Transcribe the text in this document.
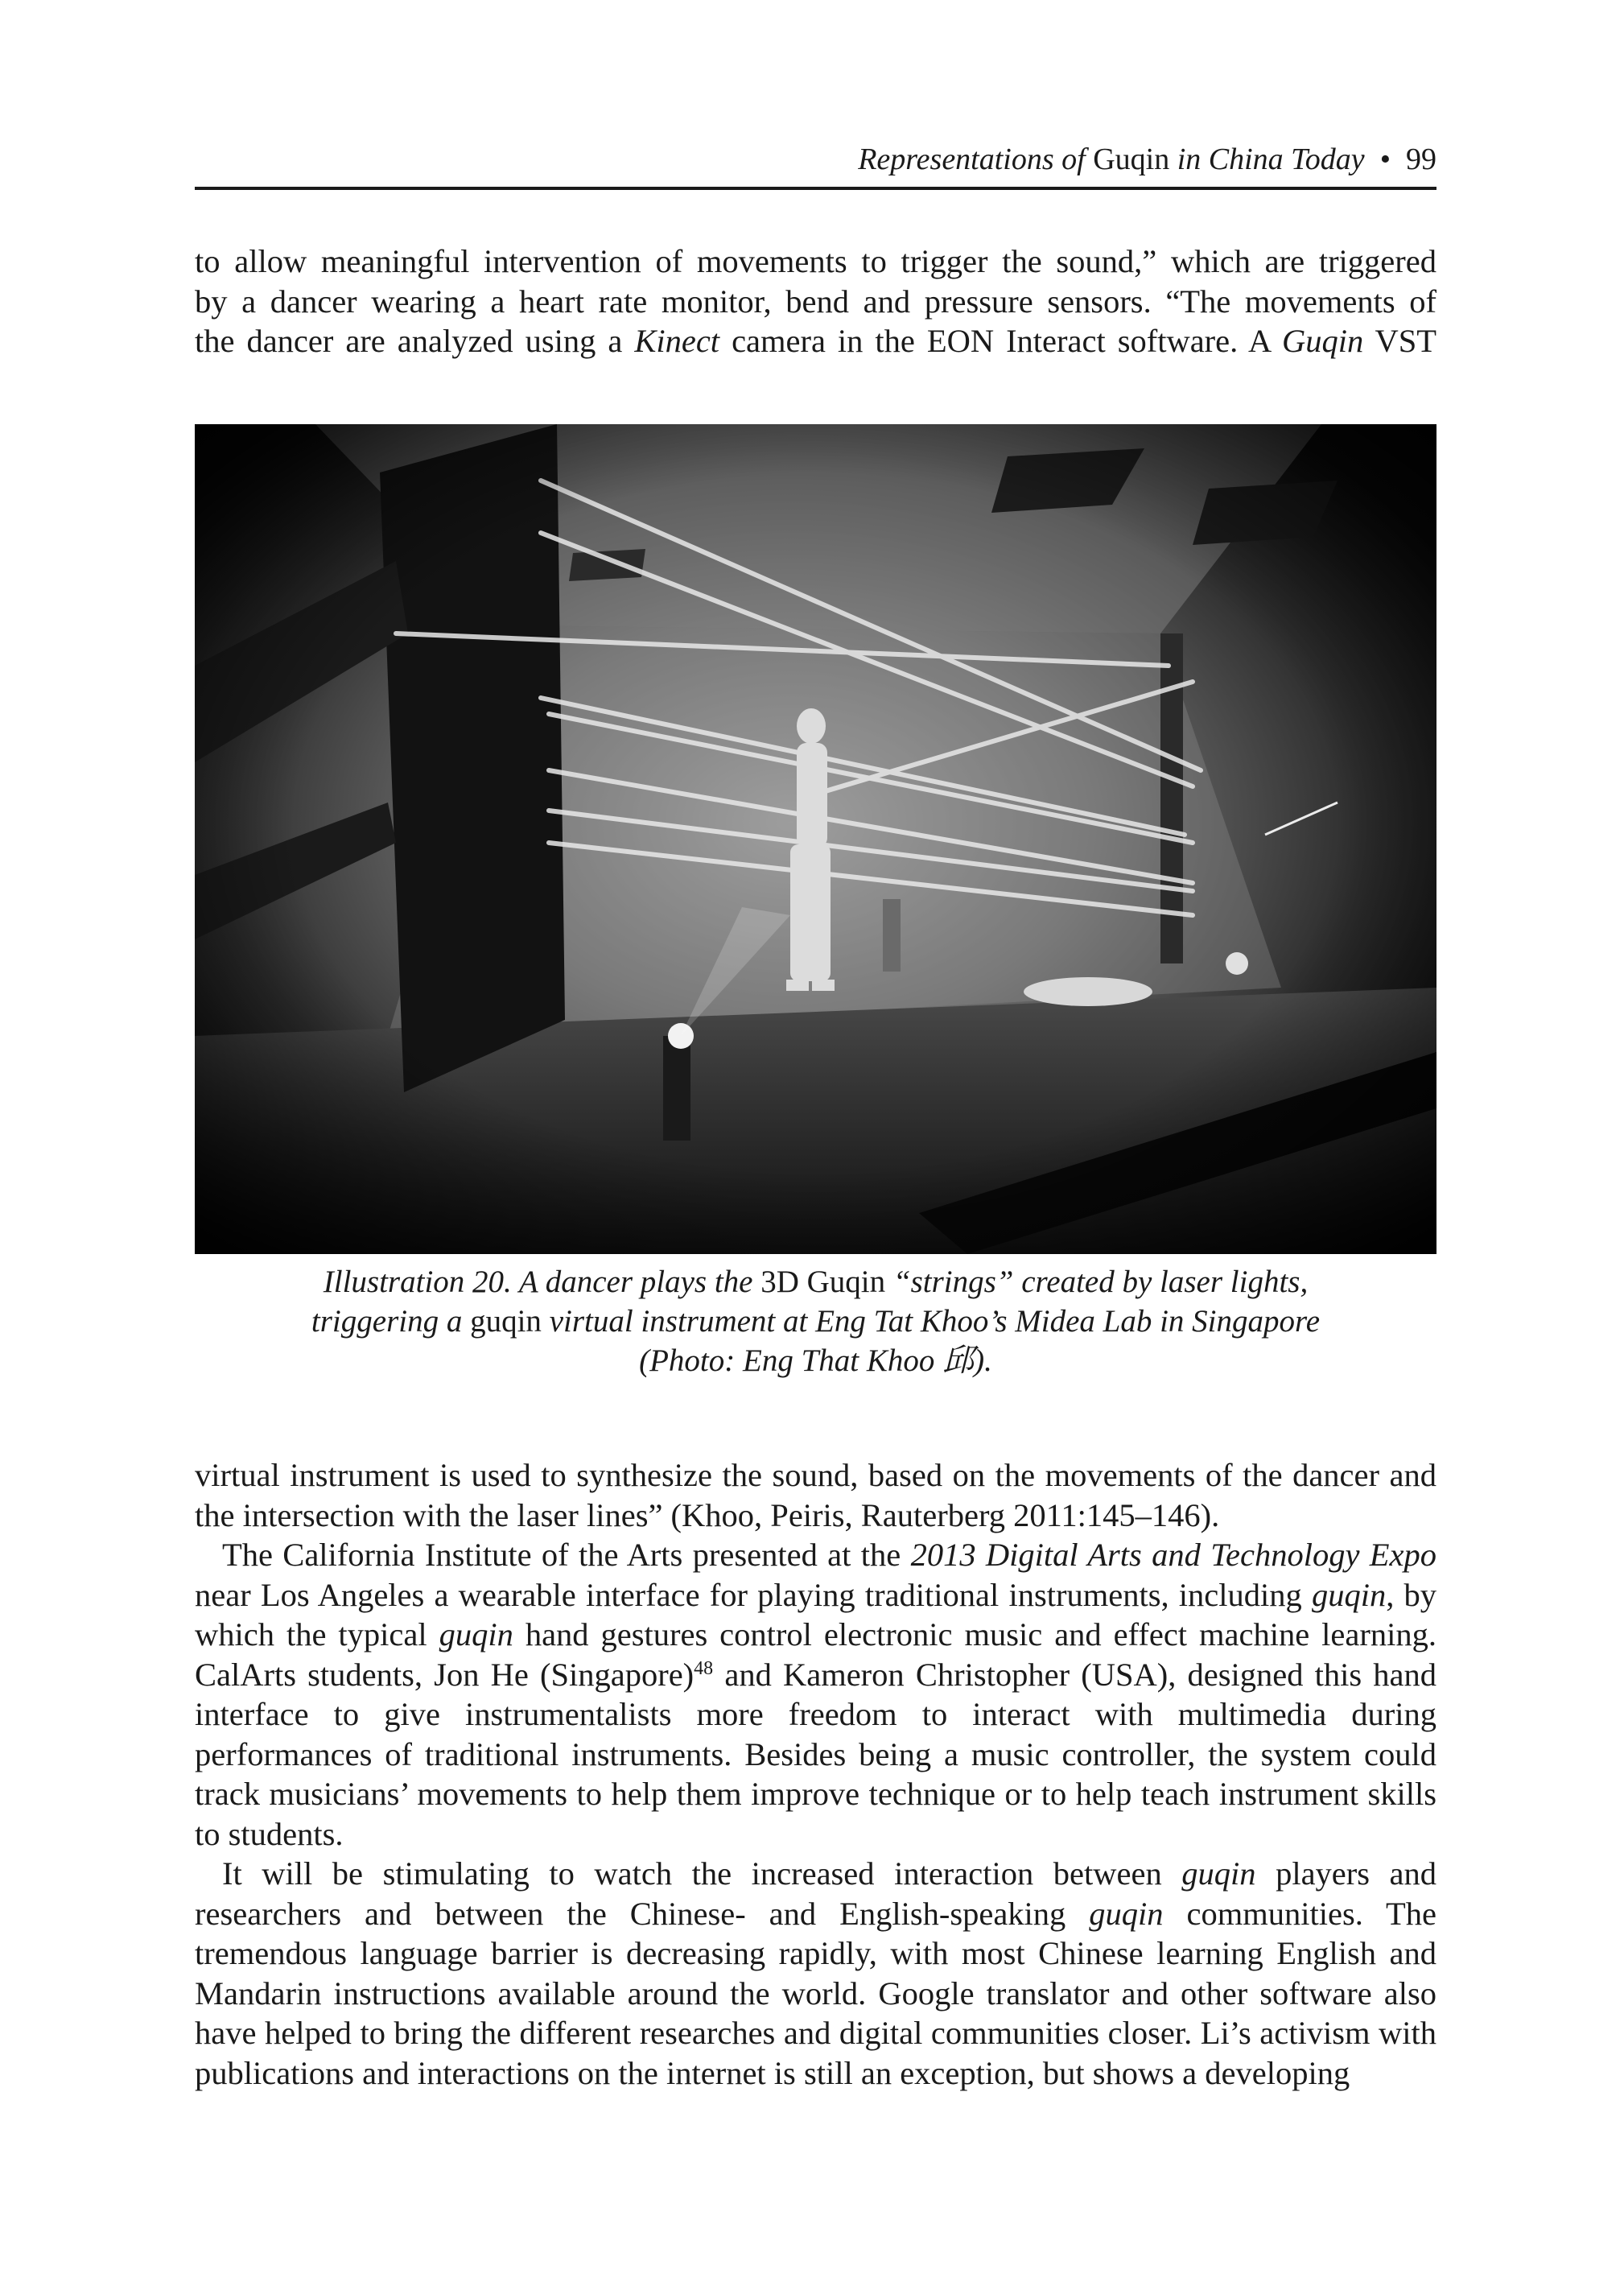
Representations of Guqin in China Today • 99

to allow meaningful intervention of movements to trigger the sound,” which are triggered

by a dancer wearing a heart rate monitor, bend and pressure sensors. “The movements of

the dancer are analyzed using a Kinect camera in the EON Interact software. A Guqin VST

Illustration 20. A dancer plays the 3D Guqin “strings” created by laser lights,
triggering a guqin virtual instrument at Eng Tat Khoo’s Midea Lab in Singapore
(Photo: Eng That Khoo 邱).

virtual instrument is used to synthesize the sound, based on the movements of the dancer and the intersection with the laser lines” (Khoo, Peiris, Rauterberg 2011:145–146).

The California Institute of the Arts presented at the 2013 Digital Arts and Technology Expo near Los Angeles a wearable interface for playing traditional instruments, including guqin, by which the typical guqin hand gestures control electronic music and effect machine learning. CalArts students, Jon He (Singapore)$^{48}$ and Kameron Christopher (USA), designed this hand interface to give instrumentalists more freedom to interact with multimedia during performances of traditional instruments. Besides being a music controller, the system could track musicians’ movements to help them improve technique or to help teach instrument skills to students.

It will be stimulating to watch the increased interaction between guqin players and researchers and between the Chinese- and English-speaking guqin communities. The tremendous language barrier is decreasing rapidly, with most Chinese learning English and Mandarin instructions available around the world. Google translator and other software also have helped to bring the different researches and digital communities closer. Li’s activism with publications and interactions on the internet is still an exception, but shows a developing
